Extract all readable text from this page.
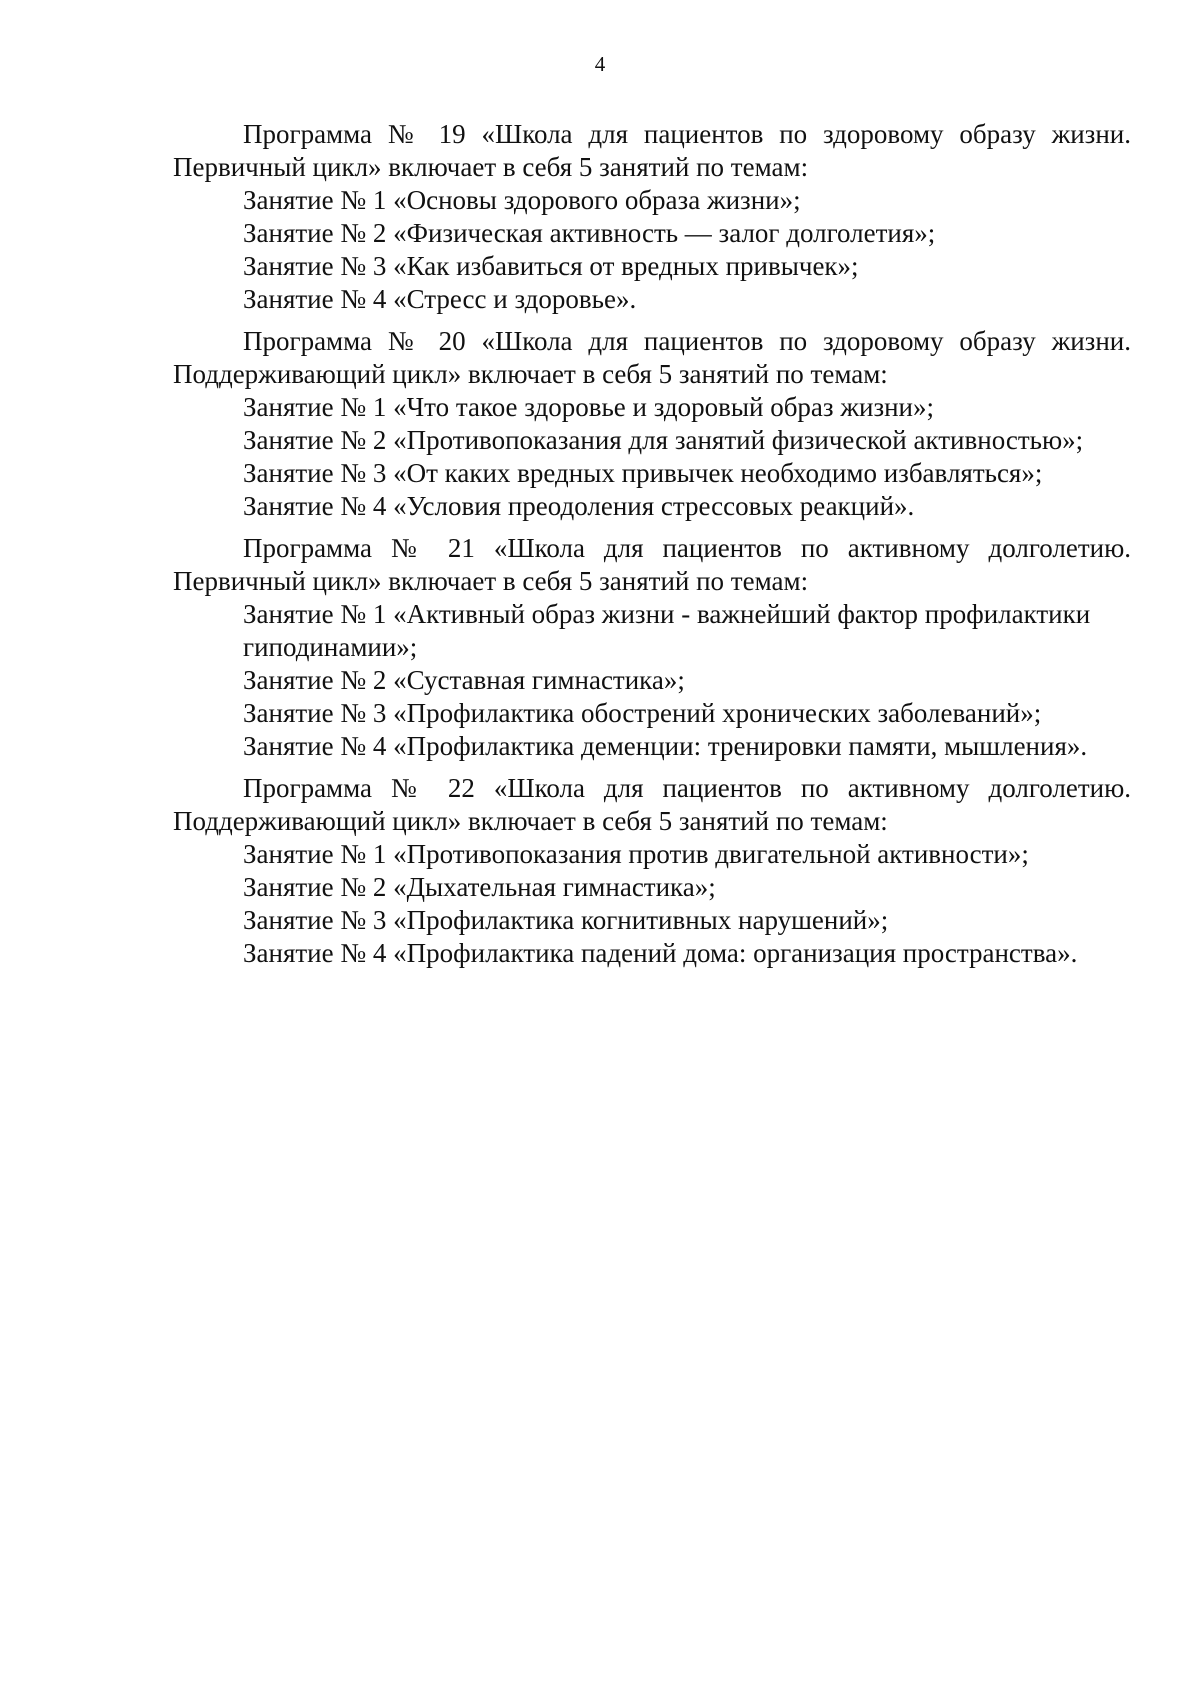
4

Программа № 19 «Школа для пациентов по здоровому образу жизни. Первичный цикл» включает в себя 5 занятий по темам:

Занятие № 1 «Основы здорового образа жизни»;
Занятие № 2 «Физическая активность — залог долголетия»;
Занятие № 3 «Как избавиться от вредных привычек»;
Занятие № 4 «Стресс и здоровье».

Программа № 20 «Школа для пациентов по здоровому образу жизни. Поддерживающий цикл» включает в себя 5 занятий по темам:

Занятие № 1 «Что такое здоровье и здоровый образ жизни»;
Занятие № 2 «Противопоказания для занятий физической активностью»;
Занятие № 3 «От каких вредных привычек необходимо избавляться»;
Занятие № 4 «Условия преодоления стрессовых реакций».

Программа № 21 «Школа для пациентов по активному долголетию. Первичный цикл» включает в себя 5 занятий по темам:

Занятие № 1 «Активный образ жизни - важнейший фактор профилактики гиподинамии»;
Занятие № 2 «Суставная гимнастика»;
Занятие № 3 «Профилактика обострений хронических заболеваний»;
Занятие № 4 «Профилактика деменции: тренировки памяти, мышления».

Программа № 22 «Школа для пациентов по активному долголетию. Поддерживающий цикл» включает в себя 5 занятий по темам:

Занятие № 1 «Противопоказания против двигательной активности»;
Занятие № 2 «Дыхательная гимнастика»;
Занятие № 3 «Профилактика когнитивных нарушений»;
Занятие № 4 «Профилактика падений дома: организация пространства».
